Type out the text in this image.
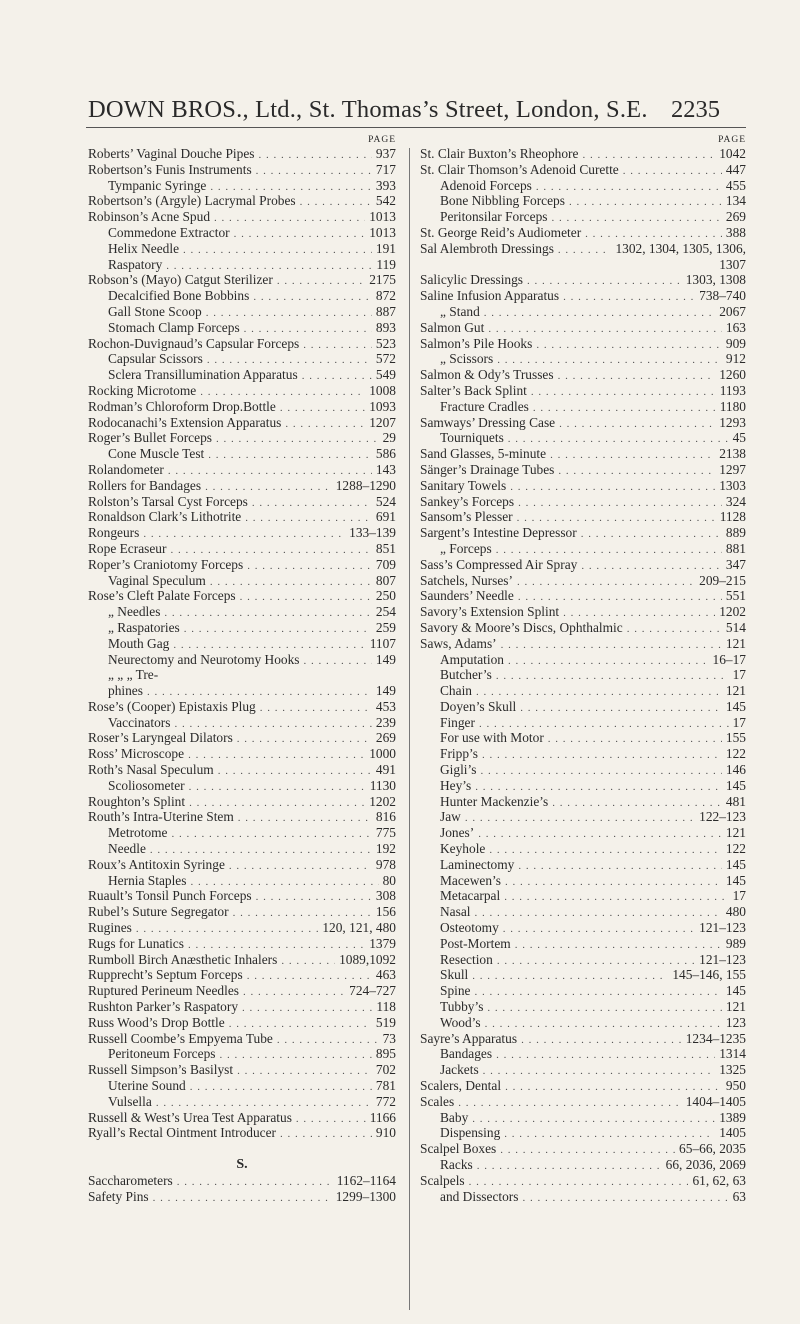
DOWN BROS., Ltd., St. Thomas’s Street, London, S.E. 2235
PAGE
Roberts’ Vaginal Douche Pipes . . .	937
Robertson’s Funis Instruments . . .	717
Tympanic Syringe . . .	393
Robertson’s (Argyle) Lacrymal Probes . . .	542
Robinson’s Acne Spud . . .	1013
Commedone Extractor . . .	1013
Helix Needle . . .	191
Raspatory . . .	119
Robson’s (Mayo) Catgut Sterilizer . . .	2175
Decalcified Bone Bobbins . . .	872
Gall Stone Scoop . . .	887
Stomach Clamp Forceps . . .	893
Rochon-Duvignaud’s Capsular Forceps . . .	523
Capsular Scissors . . .	572
Sclera Transillumination Apparatus . . .	549
Rocking Microtome . . .	1008
Rodman’s Chloroform Drop.Bottle . . .	1093
Rodocanachi’s Extension Apparatus . . .	1207
Roger’s Bullet Forceps . . .	29
Cone Muscle Test . . .	586
Rolandometer . . .	143
Rollers for Bandages . . .	1288–1290
Rolston’s Tarsal Cyst Forceps . . .	524
Ronaldson Clark’s Lithotrite . . .	691
Rongeurs . . .	133–139
Rope Ecraseur . . .	851
Roper’s Craniotomy Forceps . . .	709
Vaginal Speculum . . .	807
Rose’s Cleft Palate Forceps . . .	250
„ Needles . . .	254
„ Raspatories . . .	259
Mouth Gag . . .	1107
Neurectomy and Neurotomy Hooks . . .	149
„ „ „ Tre-
phines . . .	149
Rose’s (Cooper) Epistaxis Plug . . .	453
Vaccinators . . .	239
Roser’s Laryngeal Dilators . . .	269
Ross’ Microscope . . .	1000
Roth’s Nasal Speculum . . .	491
Scoliosometer . . .	1130
Roughton’s Splint . . .	1202
Routh’s Intra-Uterine Stem . . .	816
Metrotome . . .	775
Needle . . .	192
Roux’s Antitoxin Syringe . . .	978
Hernia Staples . . .	80
Ruault’s Tonsil Punch Forceps . . .	308
Rubel’s Suture Segregator . . .	156
Rugines . . .	120, 121, 480
Rugs for Lunatics . . .	1379
Rumboll Birch Anæsthetic Inhalers . . .	1089,1092
Rupprecht’s Septum Forceps . . .	463
Ruptured Perineum Needles . . .	724–727
Rushton Parker’s Raspatory . . .	118
Russ Wood’s Drop Bottle . . .	519
Russell Coombe’s Empyema Tube . . .	73
Peritoneum Forceps . . .	895
Russell Simpson’s Basilyst . . .	702
Uterine Sound . . .	781
Vulsella . . .	772
Russell & West’s Urea Test Apparatus . . .	1166
Ryall’s Rectal Ointment Introducer . . .	910
S.
Saccharometers . . .	1162–1164
Safety Pins . . .	1299–1300
PAGE
St. Clair Buxton’s Rheophore . . .	1042
St. Clair Thomson’s Adenoid Curette . . .	447
Adenoid Forceps . . .	455
Bone Nibbling Forceps . . .	134
Peritonsilar Forceps . . .	269
St. George Reid’s Audiometer . . .	388
Sal Alembroth Dressings . . .	1302, 1304, 1305, 1306,
1307
Salicylic Dressings . . .	1303, 1308
Saline Infusion Apparatus . . .	738–740
„ Stand . . .	2067
Salmon Gut . . .	163
Salmon’s Pile Hooks . . .	909
„ Scissors . . .	912
Salmon & Ody’s Trusses . . .	1260
Salter’s Back Splint . . .	1193
Fracture Cradles . . .	1180
Samways’ Dressing Case . . .	1293
Tourniquets . . .	45
Sand Glasses, 5-minute . . .	2138
Sänger’s Drainage Tubes . . .	1297
Sanitary Towels . . .	1303
Sankey’s Forceps . . .	324
Sansom’s Plesser . . .	1128
Sargent’s Intestine Depressor . . .	889
„ Forceps . . .	881
Sass’s Compressed Air Spray . . .	347
Satchels, Nurses’ . . .	209–215
Saunders’ Needle . . .	551
Savory’s Extension Splint . . .	1202
Savory & Moore’s Discs, Ophthalmic . . .	514
Saws, Adams’ . . .	121
Amputation . . .	16–17
Butcher’s . . .	17
Chain . . .	121
Doyen’s Skull . . .	145
Finger . . .	17
For use with Motor . . .	155
Fripp’s . . .	122
Gigli’s . . .	146
Hey’s . . .	145
Hunter Mackenzie’s . . .	481
Jaw . . .	122–123
Jones’ . . .	121
Keyhole . . .	122
Laminectomy . . .	145
Macewen’s . . .	145
Metacarpal . . .	17
Nasal . . .	480
Osteotomy . . .	121–123
Post-Mortem . . .	989
Resection . . .	121–123
Skull . . .	145–146, 155
Spine . . .	145
Tubby’s . . .	121
Wood’s . . .	123
Sayre’s Apparatus . . .	1234–1235
Bandages . . .	1314
Jackets . . .	1325
Scalers, Dental . . .	950
Scales . . .	1404–1405
Baby . . .	1389
Dispensing . . .	1405
Scalpel Boxes . . .	65–66, 2035
Racks . . .	66, 2036, 2069
Scalpels . . .	61, 62, 63
and Dissectors . . .	63
